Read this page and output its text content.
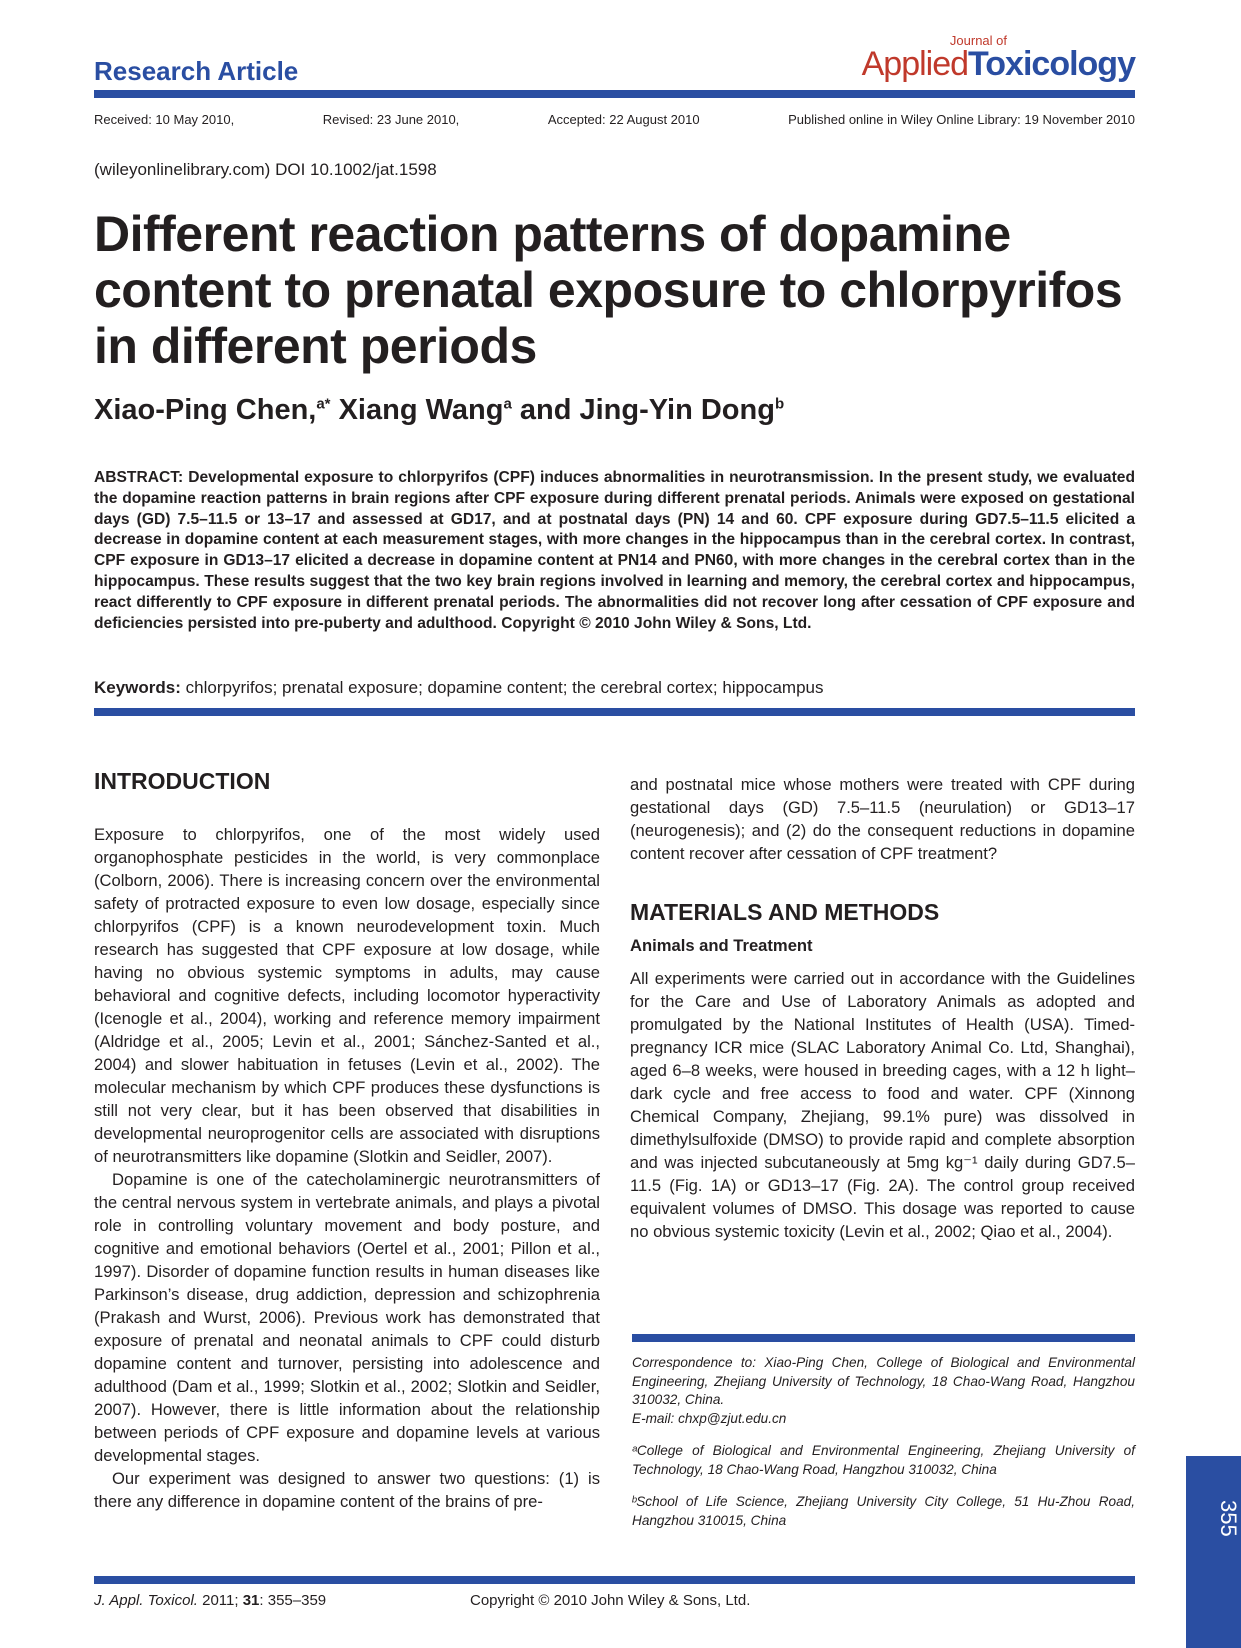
Research Article
Journal of
AppliedToxicology
Received: 10 May 2010,	Revised: 23 June 2010,	Accepted: 22 August 2010	Published online in Wiley Online Library: 19 November 2010
(wileyonlinelibrary.com) DOI 10.1002/jat.1598
Different reaction patterns of dopamine content to prenatal exposure to chlorpyrifos in different periods
Xiao-Ping Chen,$^{a*}$ Xiang Wang$^a$ and Jing-Yin Dong$^b$
ABSTRACT: Developmental exposure to chlorpyrifos (CPF) induces abnormalities in neurotransmission. In the present study, we evaluated the dopamine reaction patterns in brain regions after CPF exposure during different prenatal periods. Animals were exposed on gestational days (GD) 7.5–11.5 or 13–17 and assessed at GD17, and at postnatal days (PN) 14 and 60. CPF exposure during GD7.5–11.5 elicited a decrease in dopamine content at each measurement stages, with more changes in the hippocampus than in the cerebral cortex. In contrast, CPF exposure in GD13–17 elicited a decrease in dopamine content at PN14 and PN60, with more changes in the cerebral cortex than in the hippocampus. These results suggest that the two key brain regions involved in learning and memory, the cerebral cortex and hippocampus, react differently to CPF exposure in different prenatal periods. The abnormalities did not recover long after cessation of CPF exposure and deficiencies persisted into pre-puberty and adulthood. Copyright © 2010 John Wiley & Sons, Ltd.
Keywords: chlorpyrifos; prenatal exposure; dopamine content; the cerebral cortex; hippocampus
INTRODUCTION

Exposure to chlorpyrifos, one of the most widely used organophosphate pesticides in the world, is very commonplace (Colborn, 2006). There is increasing concern over the environmental safety of protracted exposure to even low dosage, especially since chlorpyrifos (CPF) is a known neurodevelopment toxin. Much research has suggested that CPF exposure at low dosage, while having no obvious systemic symptoms in adults, may cause behavioral and cognitive defects, including locomotor hyperactivity (Icenogle et al., 2004), working and reference memory impairment (Aldridge et al., 2005; Levin et al., 2001; Sánchez-Santed et al., 2004) and slower habituation in fetuses (Levin et al., 2002). The molecular mechanism by which CPF produces these dysfunctions is still not very clear, but it has been observed that disabilities in developmental neuroprogenitor cells are associated with disruptions of neurotransmitters like dopamine (Slotkin and Seidler, 2007).

Dopamine is one of the catecholaminergic neurotransmitters of the central nervous system in vertebrate animals, and plays a pivotal role in controlling voluntary movement and body posture, and cognitive and emotional behaviors (Oertel et al., 2001; Pillon et al., 1997). Disorder of dopamine function results in human diseases like Parkinson’s disease, drug addiction, depression and schizophrenia (Prakash and Wurst, 2006). Previous work has demonstrated that exposure of prenatal and neonatal animals to CPF could disturb dopamine content and turnover, persisting into adolescence and adulthood (Dam et al., 1999; Slotkin et al., 2002; Slotkin and Seidler, 2007). However, there is little information about the relationship between periods of CPF exposure and dopamine levels at various developmental stages.

Our experiment was designed to answer two questions: (1) is there any difference in dopamine content of the brains of pre-

and postnatal mice whose mothers were treated with CPF during gestational days (GD) 7.5–11.5 (neurulation) or GD13–17 (neurogenesis); and (2) do the consequent reductions in dopamine content recover after cessation of CPF treatment?

MATERIALS AND METHODS
Animals and Treatment

All experiments were carried out in accordance with the Guidelines for the Care and Use of Laboratory Animals as adopted and promulgated by the National Institutes of Health (USA). Timed-pregnancy ICR mice (SLAC Laboratory Animal Co. Ltd, Shanghai), aged 6–8 weeks, were housed in breeding cages, with a 12 h light–dark cycle and free access to food and water. CPF (Xinnong Chemical Company, Zhejiang, 99.1% pure) was dissolved in dimethylsulfoxide (DMSO) to provide rapid and complete absorption and was injected subcutaneously at 5mg kg⁻¹ daily during GD7.5–11.5 (Fig. 1A) or GD13–17 (Fig. 2A). The control group received equivalent volumes of DMSO. This dosage was reported to cause no obvious systemic toxicity (Levin et al., 2002; Qiao et al., 2004).

Correspondence to: Xiao-Ping Chen, College of Biological and Environmental Engineering, Zhejiang University of Technology, 18 Chao-Wang Road, Hangzhou 310032, China.

E-mail: chxp@zjut.edu.cn

ᵃCollege of Biological and Environmental Engineering, Zhejiang University of Technology, 18 Chao-Wang Road, Hangzhou 310032, China

ᵇSchool of Life Science, Zhejiang University City College, 51 Hu-Zhou Road, Hangzhou 310015, China

J. Appl. Toxicol. 2011; 31: 355–359	Copyright © 2010 John Wiley & Sons, Ltd.
355
